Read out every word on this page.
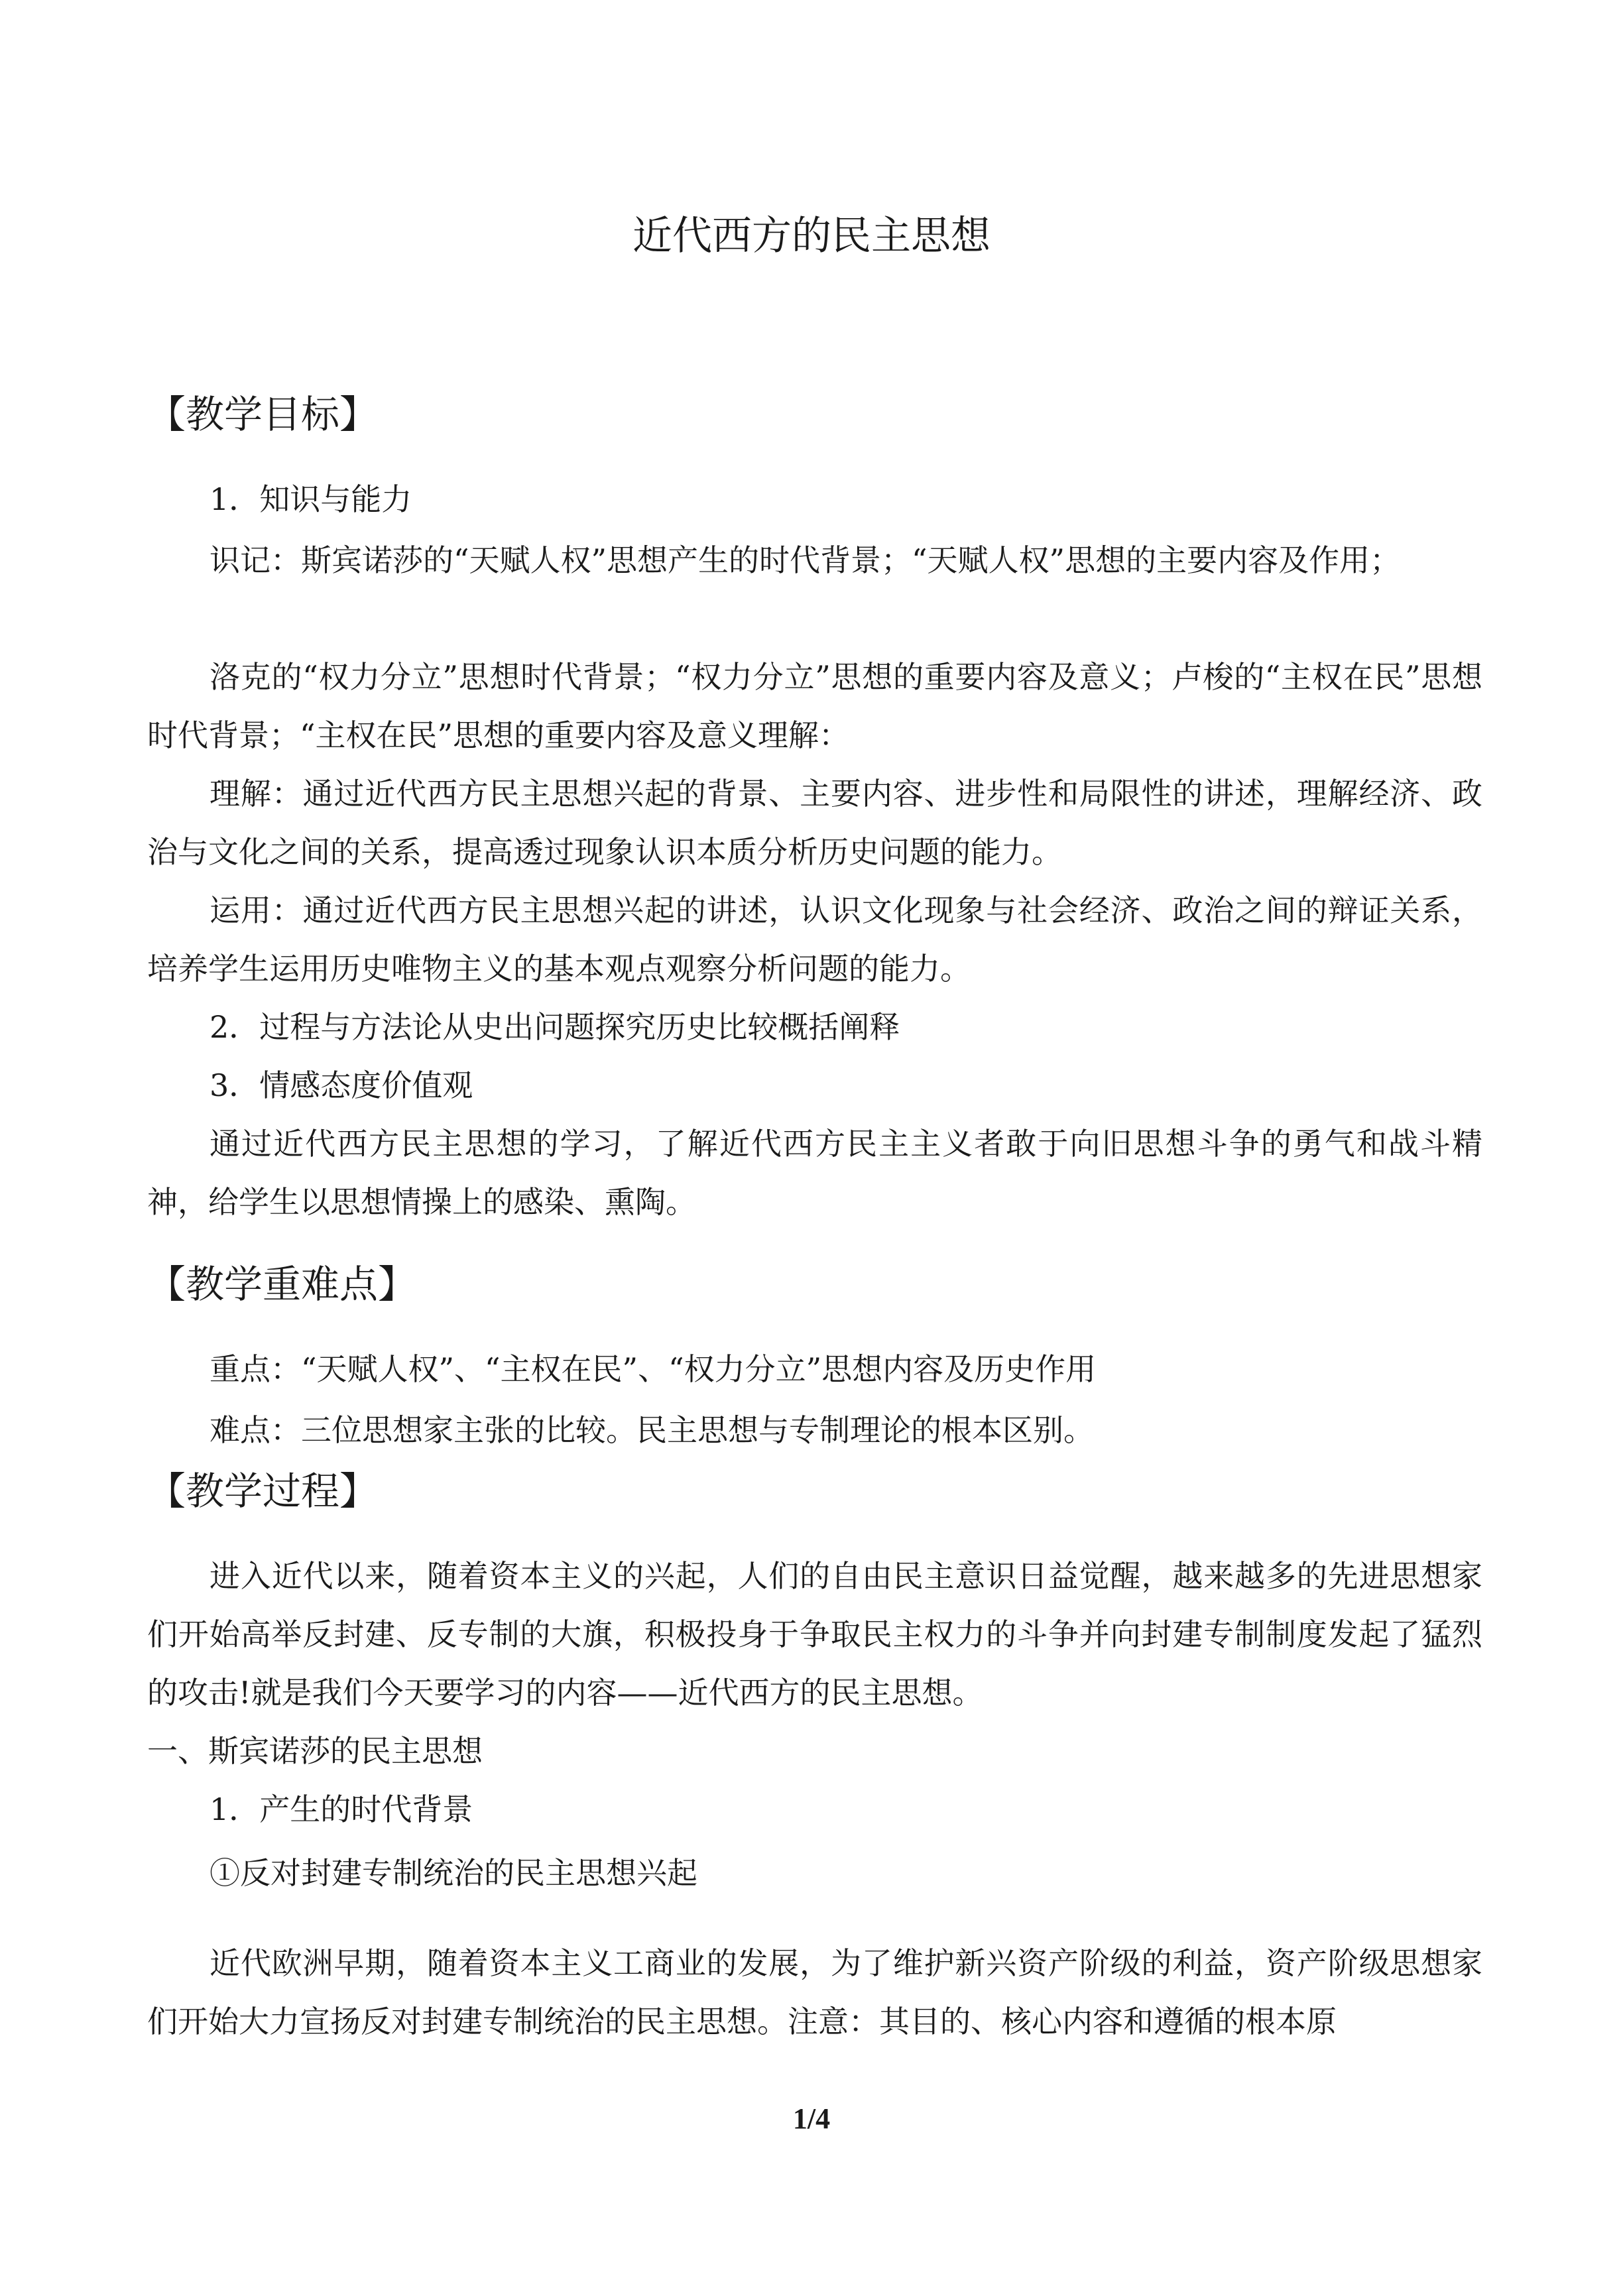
近代西方的民主思想
【教学目标】
1．知识与能力
识记：斯宾诺莎的“天赋人权”思想产生的时代背景；“天赋人权”思想的主要内容及作用；
洛克的“权力分立”思想时代背景；“权力分立”思想的重要内容及意义；卢梭的“主权在民”思想时代背景；“主权在民”思想的重要内容及意义理解：
理解：通过近代西方民主思想兴起的背景、主要内容、进步性和局限性的讲述，理解经济、政治与文化之间的关系，提高透过现象认识本质分析历史问题的能力。
运用：通过近代西方民主思想兴起的讲述，认识文化现象与社会经济、政治之间的辩证关系，培养学生运用历史唯物主义的基本观点观察分析问题的能力。
2．过程与方法论从史出问题探究历史比较概括阐释
3．情感态度价值观
通过近代西方民主思想的学习，了解近代西方民主主义者敢于向旧思想斗争的勇气和战斗精神，给学生以思想情操上的感染、熏陶。
【教学重难点】
重点：“天赋人权”、“主权在民”、“权力分立”思想内容及历史作用
难点：三位思想家主张的比较。民主思想与专制理论的根本区别。
【教学过程】
进入近代以来，随着资本主义的兴起，人们的自由民主意识日益觉醒，越来越多的先进思想家们开始高举反封建、反专制的大旗，积极投身于争取民主权力的斗争并向封建专制制度发起了猛烈的攻击!就是我们今天要学习的内容——近代西方的民主思想。
一、斯宾诺莎的民主思想
1．产生的时代背景
①反对封建专制统治的民主思想兴起
近代欧洲早期，随着资本主义工商业的发展，为了维护新兴资产阶级的利益，资产阶级思想家们开始大力宣扬反对封建专制统治的民主思想。注意：其目的、核心内容和遵循的根本原
1/4
